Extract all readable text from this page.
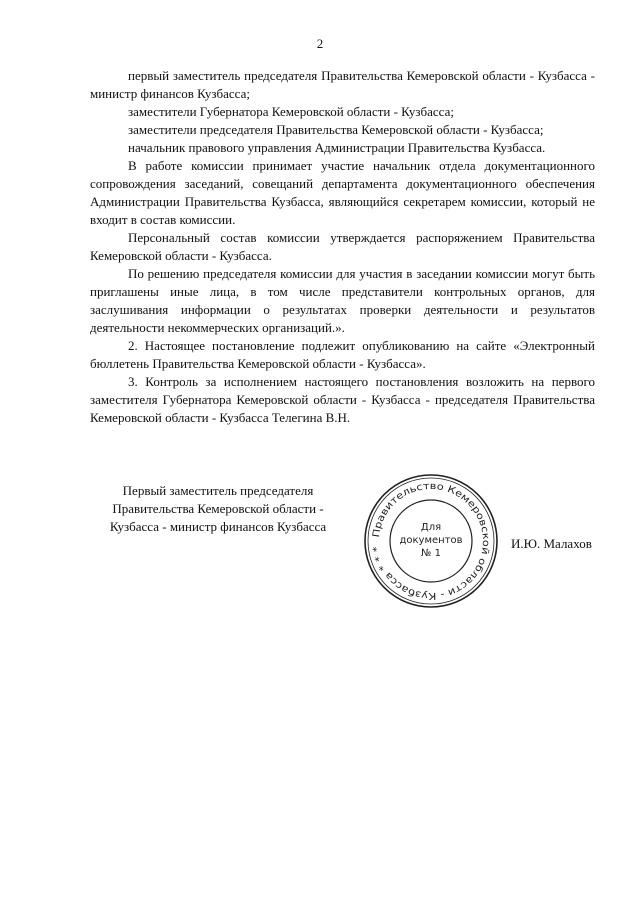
2

первый заместитель председателя Правительства Кемеровской области - Кузбасса - министр финансов Кузбасса;

заместители Губернатора Кемеровской области - Кузбасса;

заместители председателя Правительства Кемеровской области - Кузбасса;

начальник правового управления Администрации Правительства Кузбасса.

В работе комиссии принимает участие начальник отдела документационного сопровождения заседаний, совещаний департамента документационного обеспечения Администрации Правительства Кузбасса, являющийся секретарем комиссии, который не входит в состав комиссии.

Персональный состав комиссии утверждается распоряжением Правительства Кемеровской области - Кузбасса.

По решению председателя комиссии для участия в заседании комиссии могут быть приглашены иные лица, в том числе представители контрольных органов, для заслушивания информации о результатах проверки деятельности и результатов деятельности некоммерческих организаций.».

2. Настоящее постановление подлежит опубликованию на сайте «Электронный бюллетень Правительства Кемеровской области - Кузбасса».

3. Контроль за исполнением настоящего постановления возложить на первого заместителя Губернатора Кемеровской области - Кузбасса - председателя Правительства Кемеровской области - Кузбасса Телегина В.Н.

Первый заместитель председателя
Правительства Кемеровской области -
Кузбасса - министр финансов Кузбасса	Правительство Кемеровской области - Кузбасса * * *
Для
документов
№ 1
И.Ю. Малахов
